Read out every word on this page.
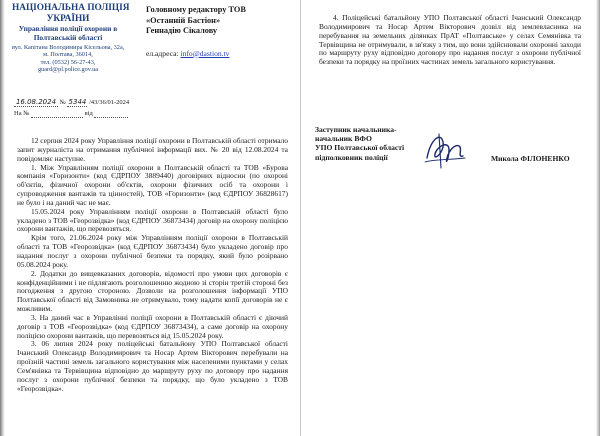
НАЦІОНАЛЬНА ПОЛІЦІЯ
УКРАЇНИ
Управління поліції охорони в
Полтавській області
вул. Капітана Володимира Кісельова, 32а,
м. Полтава, 36014,
тел. (0532) 56-27-43,
guard@pl.police.gov.ua
Головному редактору ТОВ
«Останній Бастіон»
Геннадію Сікалову
ел.адреса: info@dastion.tv
16.08.2024 № 5344 /43/36/01-2024
На №	від

12 серпня 2024 року Управління поліції охорони в Полтавській області отримало запит журналіста на отримання публічної інформації вих. № 20 від 12.08.2024 та повідомляє наступне.

1. Між Управлінням поліції охорони в Полтавській області та ТОВ «Бурова компанія «Горизонти» (код ЄДРПОУ 3889440) договірних відносин (по охороні об'єктів, фізичної охорони об'єктів, охорони фізичних осіб та охорони і супроводження вантажів та цінностей), ТОВ «Горизонти» (код ЄДРПОУ 36828617) не було і на даний час не має.

15.05.2024 року Управлінням поліції охорони в Полтавській області було укладено з ТОВ «Георозвідка» (код ЄДРПОУ 36873434) договір на охорону поліцією охорони вантажів, що перевозяться.

Крім того, 21.06.2024 року між Управлінням поліції охорони в Полтавській області та ТОВ «Георозвідка» (код ЄДРПОУ 36873434) було укладено договір про надання послуг з охорони публічної безпеки та порядку, який було розірвано 05.08.2024 року.

2. Додатки до вищевказаних договорів, відомості про умови цих договорів є конфіденційними і не підлягають розголошенню жодною зі сторін третій стороні без погодження з другою стороною. Дозволи на розголошення інформації УПО Полтавської області від Замовника не отримувало, тому надати копії договорів не є можливим.

3. На даний час в Управлінні поліції охорони в Полтавській області є діючий договір з ТОВ «Георозвідка» (код ЄДРПОУ 36873434), а саме договір на охорону поліцією охорони вантажів, що перевозяться від 15.05.2024 року.

3. 06 липня 2024 року поліцейські батальйону УПО Полтавської області Ічанський Олександр Володимирович та Носар Артем Вікторович перебували на проїзній частині земель загального користування між населеними пунктами у селах Сем'янівка та Тервівщина відповідно до маршруту руху по договору про надання послуг з охорони публічної безпеки та порядку, що було укладено з ТОВ «Георозвідка».

4. Поліцейські батальйону УПО Полтавської області Ічанський Олександр Володимирович та Носар Артем Вікторович дозвіл від землевласника на перебування на земельних ділянках ПрАТ «Полтавське» у селах Семянівка та Тервівщина не отримували, в зв'язку з тим, що вони здійснювали охоронні заходи по маршруту руху відповідно договору про надання послуг з охорони публічної безпеки та порядку на проїзних частинах земель загального користування.

Заступник начальника-
начальник ВФО
УПО Полтавської області
підполковник поліції	Микола ФІЛОНЕНКО
